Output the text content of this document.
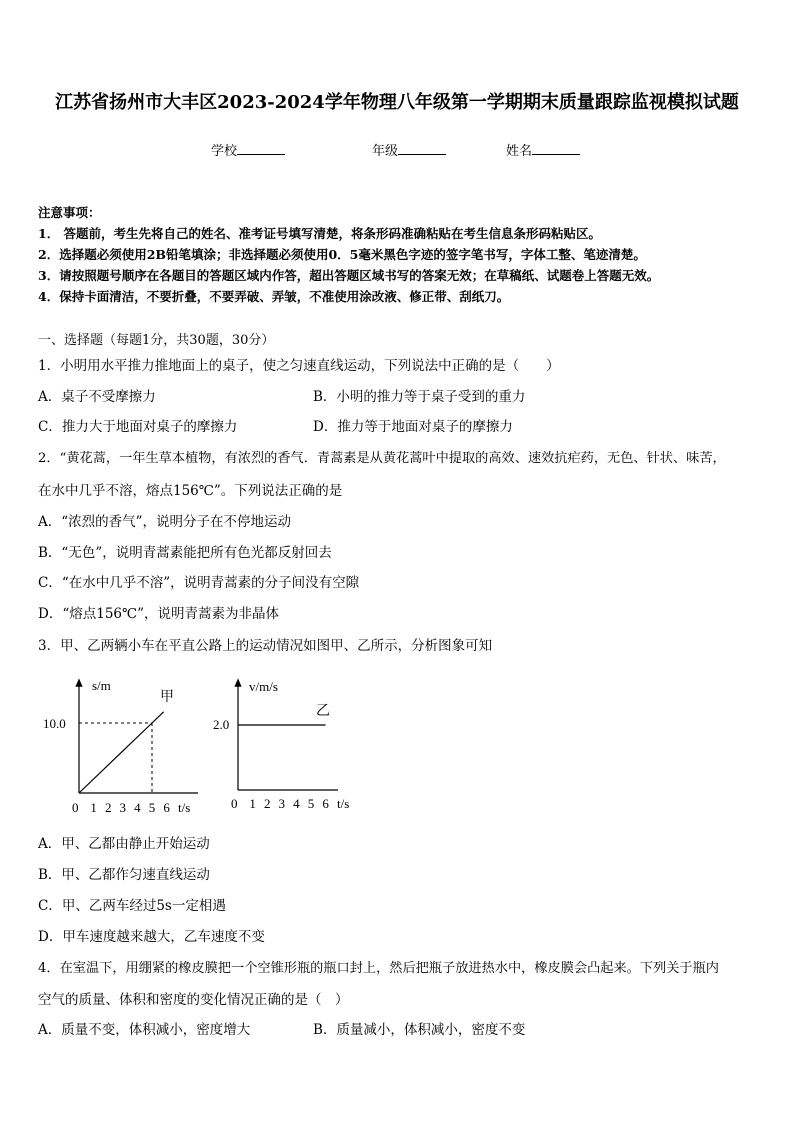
江苏省扬州市大丰区2023-2024学年物理八年级第一学期期末质量跟踪监视模拟试题
学校	年级	姓名
注意事项：
1． 答题前，考生先将自己的姓名、准考证号填写清楚，将条形码准确粘贴在考生信息条形码粘贴区。
2．选择题必须使用2B铅笔填涂；非选择题必须使用0．5毫米黑色字迹的签字笔书写，字体工整、笔迹清楚。
3．请按照题号顺序在各题目的答题区域内作答，超出答题区域书写的答案无效；在草稿纸、试题卷上答题无效。
4．保持卡面清洁，不要折叠，不要弄破、弄皱，不准使用涂改液、修正带、刮纸刀。
一、选择题（每题1分，共30题，30分）
1．小明用水平推力推地面上的桌子，使之匀速直线运动，下列说法中正确的是（　　）
A．桌子不受摩擦力	B．小明的推力等于桌子受到的重力
C．推力大于地面对桌子的摩擦力	D．推力等于地面对桌子的摩擦力
2．“黄花蒿，一年生草本植物，有浓烈的香气．青蒿素是从黄花蒿叶中提取的高效、速效抗疟药，无色、针状、味苦，
在水中几乎不溶，熔点156℃”。下列说法正确的是
A．“浓烈的香气”，说明分子在不停地运动
B．“无色”，说明青蒿素能把所有色光都反射回去
C．“在水中几乎不溶”，说明青蒿素的分子间没有空隙
D．“熔点156℃”，说明青蒿素为非晶体
3．甲、乙两辆小车在平直公路上的运动情况如图甲、乙所示，分析图象可知
s/m
10.0
0 1 2 3 4 5 6 t/s
甲
v/m/s
2.0
0 1 2 3 4 5 6 t/s
乙
A．甲、乙都由静止开始运动
B．甲、乙都作匀速直线运动
C．甲、乙两车经过5s一定相遇
D．甲车速度越来越大，乙车速度不变
4．在室温下，用绷紧的橡皮膜把一个空锥形瓶的瓶口封上，然后把瓶子放进热水中，橡皮膜会凸起来。下列关于瓶内
空气的质量、体积和密度的变化情况正确的是（　）
A．质量不变，体积减小，密度增大	B．质量减小，体积减小，密度不变
